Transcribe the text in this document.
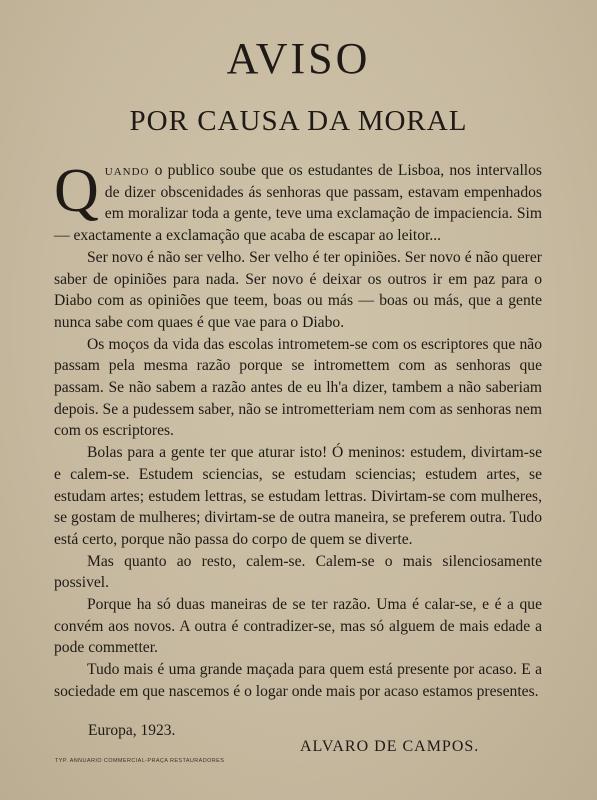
AVISO
POR CAUSA DA MORAL

Quando o publico soube que os estudantes de Lisboa, nos intervallos de dizer obscenidades ás senhoras que passam, estavam empenhados em moralizar toda a gente, teve uma exclamação de impaciencia. Sim — exactamente a exclamação que acaba de escapar ao leitor...

Ser novo é não ser velho. Ser velho é ter opiniões. Ser novo é não querer saber de opiniões para nada. Ser novo é deixar os outros ir em paz para o Diabo com as opiniões que teem, boas ou más — boas ou más, que a gente nunca sabe com quaes é que vae para o Diabo.

Os moços da vida das escolas intrometem-se com os escriptores que não passam pela mesma razão porque se intromettem com as senhoras que passam. Se não sabem a razão antes de eu lh'a dizer, tambem a não saberiam depois. Se a pudessem saber, não se intrometteriam nem com as senhoras nem com os escriptores.

Bolas para a gente ter que aturar isto! Ó meninos: estudem, divirtam-se e calem-se. Estudem sciencias, se estudam sciencias; estudem artes, se estudam artes; estudem lettras, se estudam lettras. Divirtam-se com mulheres, se gostam de mulheres; divirtam-se de outra maneira, se preferem outra. Tudo está certo, porque não passa do corpo de quem se diverte.

Mas quanto ao resto, calem-se. Calem-se o mais silenciosamente possivel.

Porque ha só duas maneiras de se ter razão. Uma é calar-se, e é a que convém aos novos. A outra é contradizer-se, mas só alguem de mais edade a pode commetter.

Tudo mais é uma grande maçada para quem está presente por acaso. E a sociedade em que nascemos é o logar onde mais por acaso estamos presentes.

Europa, 1923.
ALVARO DE CAMPOS.
TYP. ANNUARIO COMMERCIAL-PRAÇA RESTAURADORES
